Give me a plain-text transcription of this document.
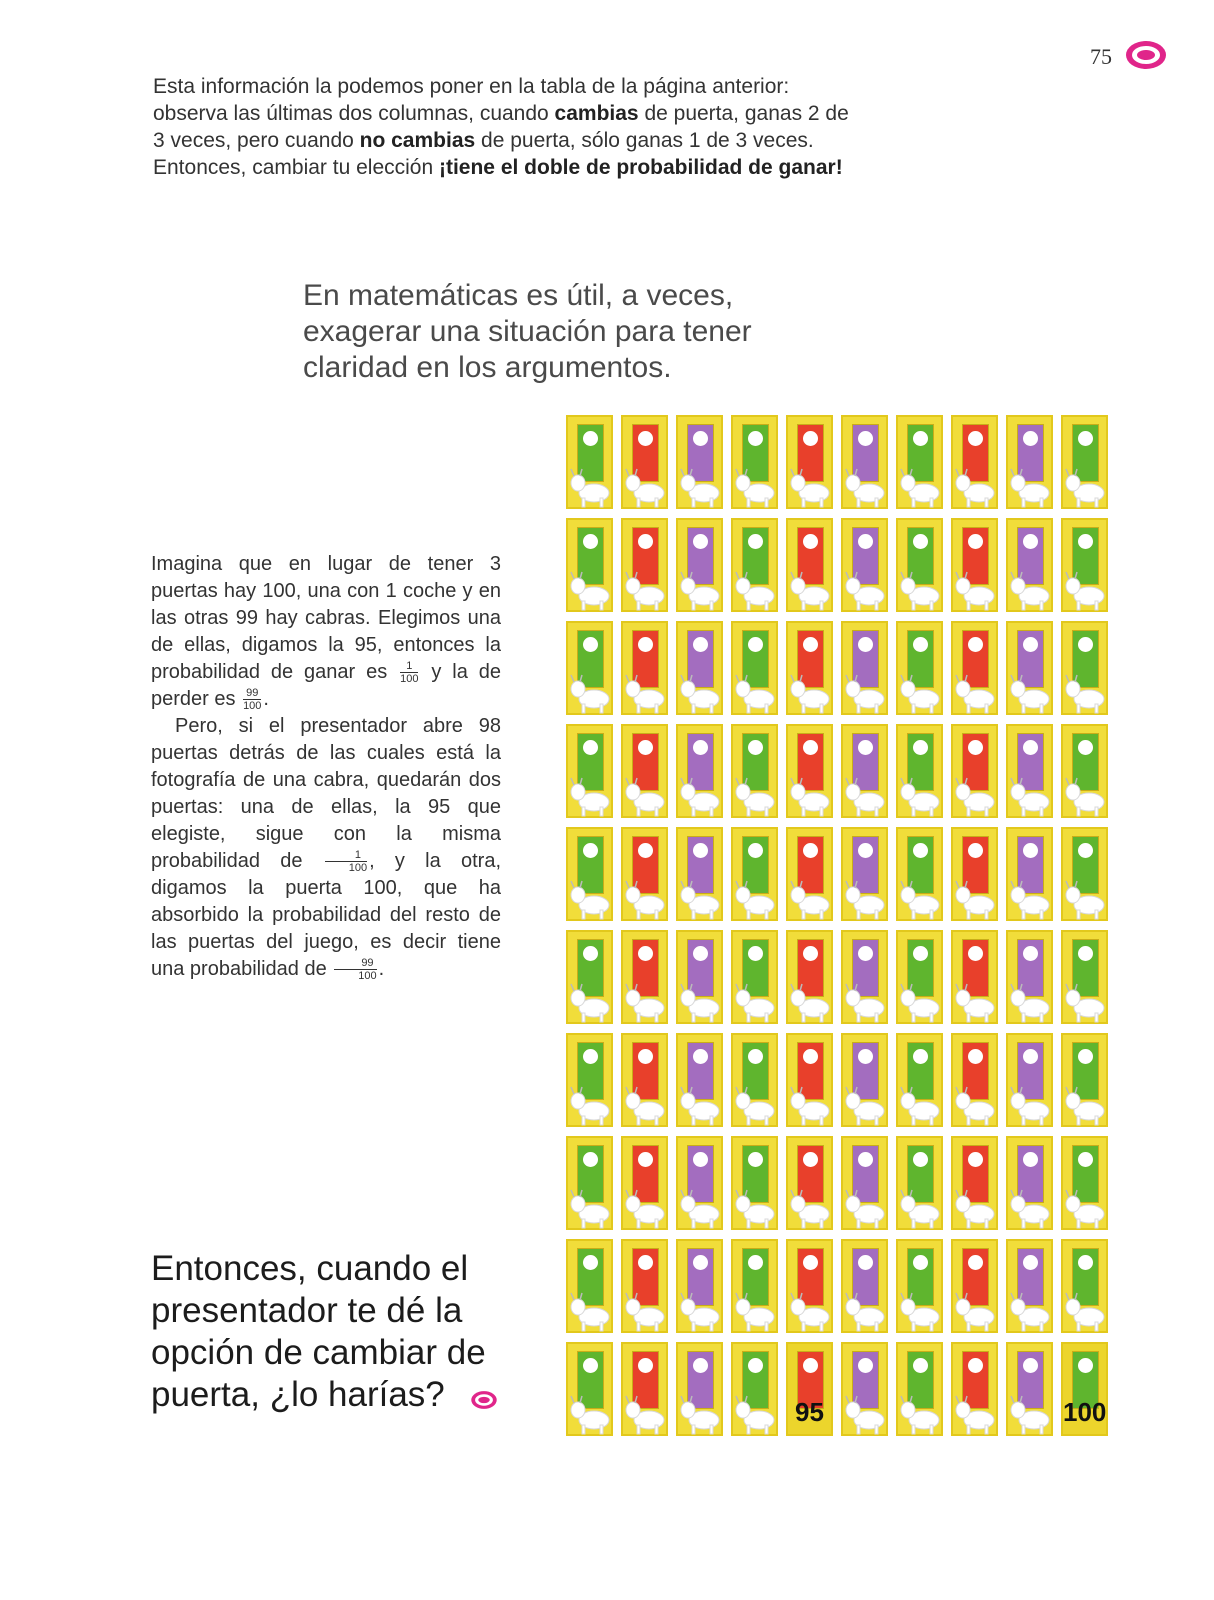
75
Esta información la podemos poner en la tabla de la página anterior: observa las últimas dos columnas, cuando cambias de puerta, ganas 2 de 3 veces, pero cuando no cambias de puerta, sólo ganas 1 de 3 veces.
Entonces, cambiar tu elección ¡tiene el doble de probabilidad de ganar!
En matemáticas es útil, a veces, exagerar una situación para tener claridad en los argumentos.

Imagina que en lugar de tener 3 puertas hay 100, una con 1 coche y en las otras 99 hay cabras. Elegimos una de ellas, digamos la 95, entonces la probabilidad de ganar es $\frac{1}{100}$ y la de perder es $\frac{99}{100}$ .

Pero, si el presentador abre 98 puertas detrás de las cuales está la fotografía de una cabra, quedarán dos puertas: una de ellas, la 95 que elegiste, sigue con la misma probabilidad de $\frac{1}{100}$ , y la otra, digamos la puerta 100, que ha absorbido la probabilidad del resto de las puertas del juego, es decir tiene una probabilidad de $\frac{99}{100}$ .

Entonces, cuando el presentador te dé la opción de cambiar de puerta, ¿lo harías?	95	100
